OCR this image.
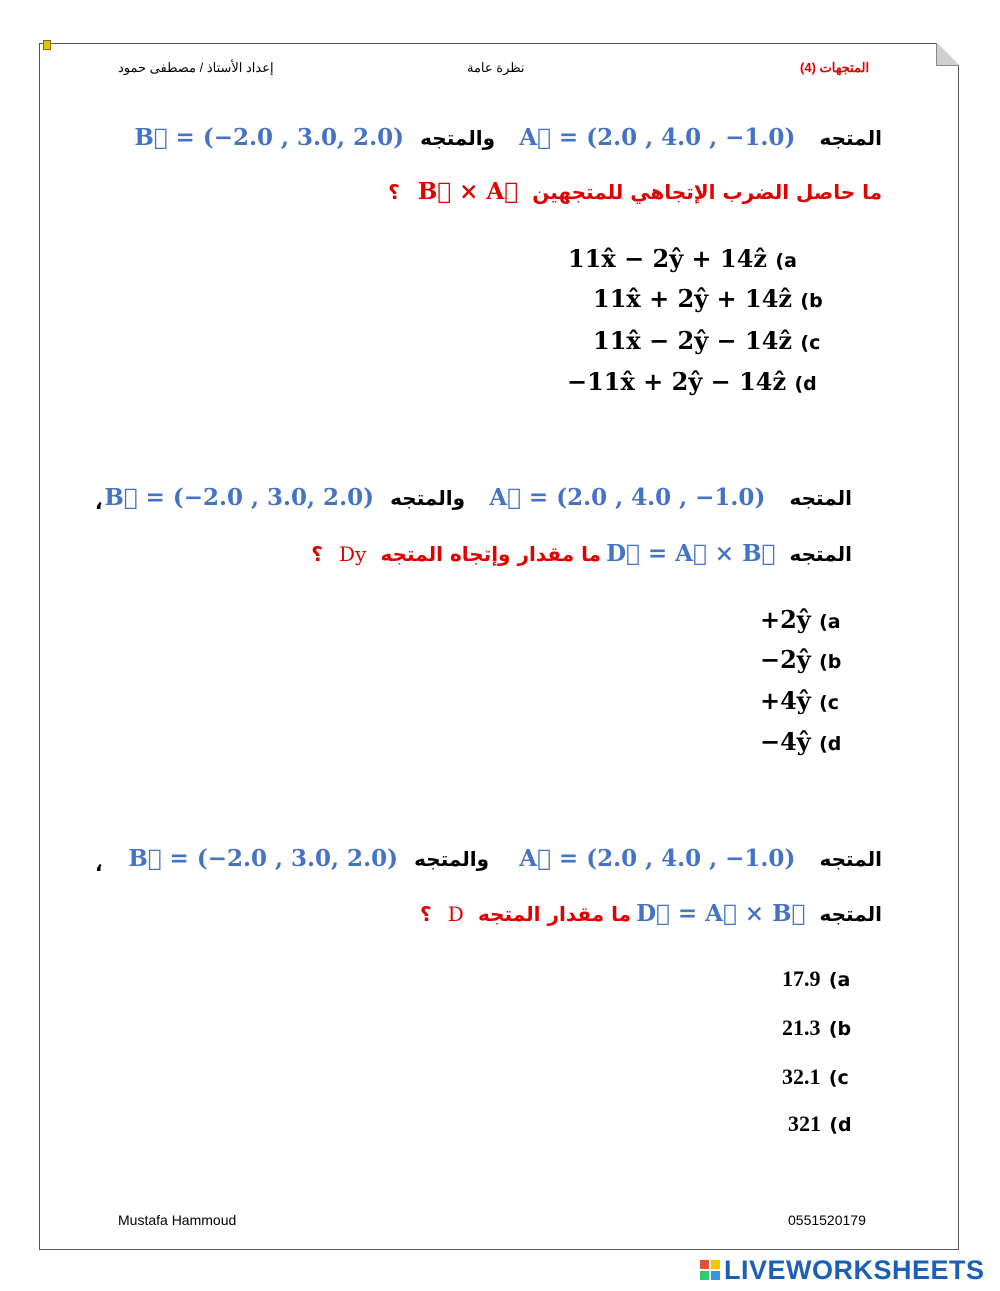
المتجهات (4)
نظرة عامة
إعداد الأستاذ / مصطفى حمود
المتجه  A⃗ = (2.0 , 4.0 , −1.0)  والمتجه  B⃗ = (−2.0 , 3.0, 2.0)
ما حاصل الضرب الإتجاهي للمتجهين  B⃗ × A⃗  ؟
11x̂ − 2ŷ + 14ẑ (a
11x̂ + 2ŷ + 14ẑ (b
11x̂ − 2ŷ − 14ẑ (c
−11x̂ + 2ŷ − 14ẑ (d
،	المتجه  A⃗ = (2.0 , 4.0 , −1.0)  والمتجه  B⃗ = (−2.0 , 3.0, 2.0)
المتجه  D⃗ = A⃗ × B⃗ ما مقدار وإتجاه المتجه  Dy  ؟
+2ŷ (a
−2ŷ (b
+4ŷ (c
−4ŷ (d
،	المتجه  A⃗ = (2.0 , 4.0 , −1.0)  والمتجه  B⃗ = (−2.0 , 3.0, 2.0)
المتجه  D⃗ = A⃗ × B⃗ ما مقدار المتجه  D  ؟
17.9 (a
21.3 (b
32.1 (c
321 (d
Mustafa Hammoud	0551520179
LIVEWORKSHEETS
